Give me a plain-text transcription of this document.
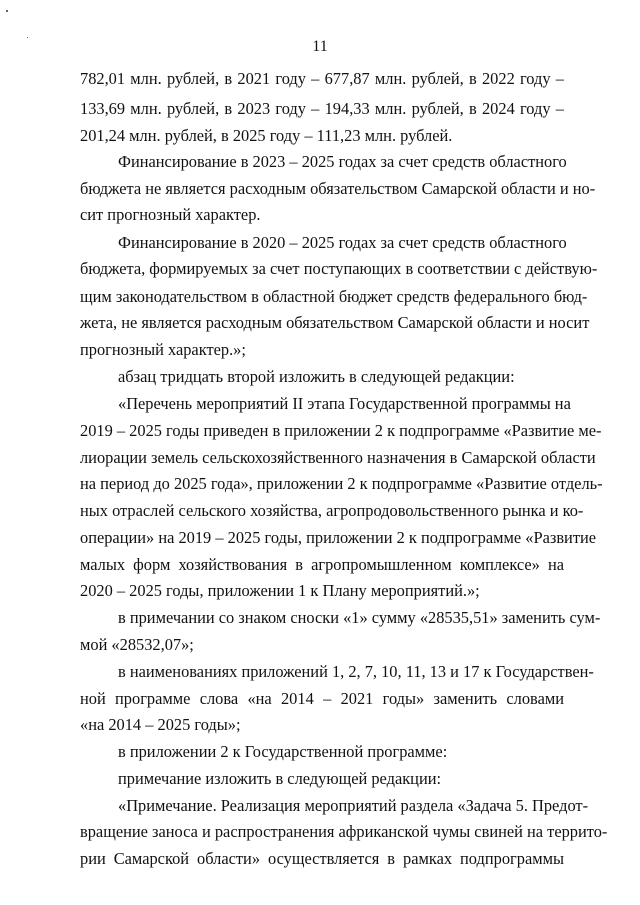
11
782,01 млн. рублей, в 2021 году – 677,87 млн. рублей, в 2022 году –
133,69 млн. рублей, в 2023 году – 194,33 млн. рублей, в 2024 году –
201,24 млн. рублей, в 2025 году – 111,23 млн. рублей.
Финансирование в 2023 – 2025 годах за счет средств областного
бюджета не является расходным обязательством Самарской области и но-
сит прогнозный характер.
Финансирование в 2020 – 2025 годах за счет средств областного
бюджета, формируемых за счет поступающих в соответствии с действую-
щим законодательством в областной бюджет средств федерального бюд-
жета, не является расходным обязательством Самарской области и носит
прогнозный характер.»;
абзац тридцать второй изложить в следующей редакции:
«Перечень мероприятий II этапа Государственной программы на
2019 – 2025 годы приведен в приложении 2 к подпрограмме «Развитие ме-
лиорации земель сельскохозяйственного назначения в Самарской области
на период до 2025 года», приложении 2 к подпрограмме «Развитие отдель-
ных отраслей сельского хозяйства, агропродовольственного рынка и ко-
операции» на 2019 – 2025 годы, приложении 2 к подпрограмме «Развитие
малых форм хозяйствования в агропромышленном комплексе» на
2020 – 2025 годы, приложении 1 к Плану мероприятий.»;
в примечании со знаком сноски «1» сумму «28535,51» заменить сум-
мой «28532,07»;
в наименованиях приложений 1, 2, 7, 10, 11, 13 и 17 к Государствен-
ной программе слова «на 2014 – 2021 годы» заменить словами
«на 2014 – 2025 годы»;
в приложении 2 к Государственной программе:
примечание изложить в следующей редакции:
«Примечание. Реализация мероприятий раздела «Задача 5. Предот-
вращение заноса и распространения африканской чумы свиней на террито-
рии Самарской области» осуществляется в рамках подпрограммы
